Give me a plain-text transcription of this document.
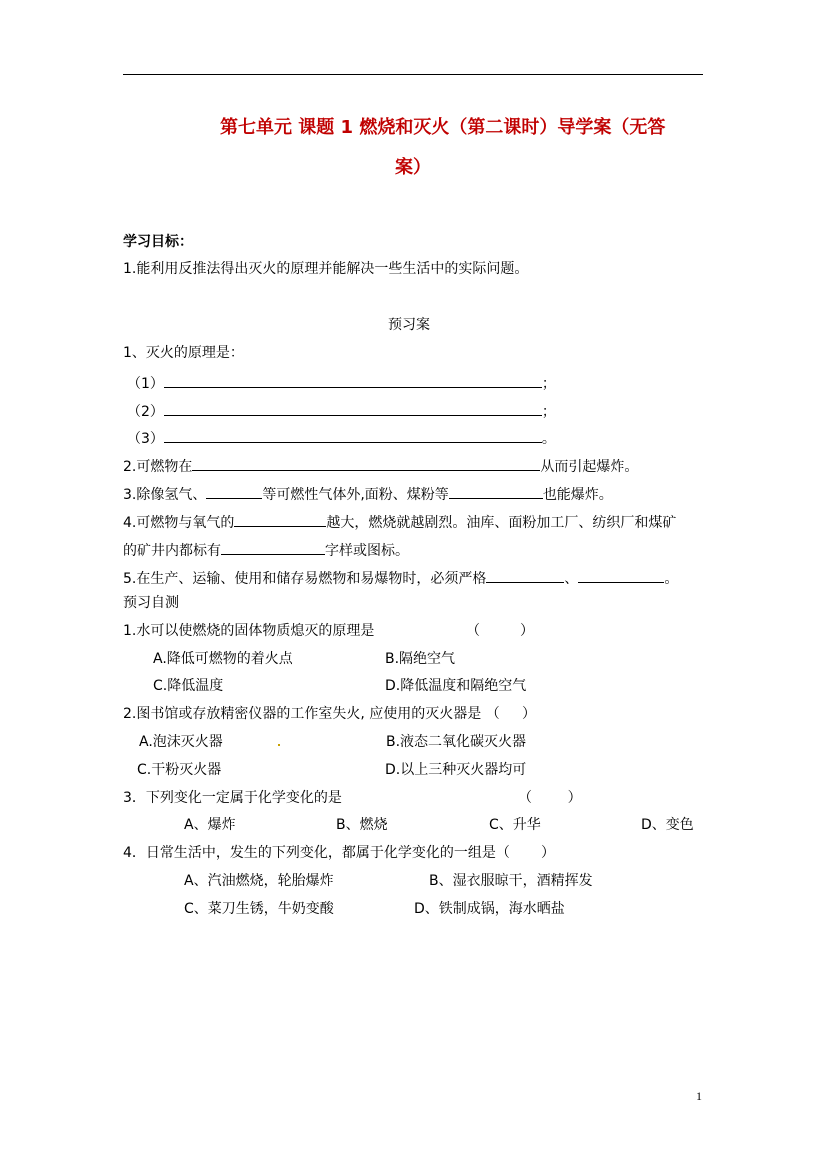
第七单元 课题 1 燃烧和灭火（第二课时）导学案（无答
案）
学习目标：
1.能利用反推法得出灭火的原理并能解决一些生活中的实际问题。
预习案
1、灭火的原理是：
（1）	；
（2）	；
（3）	。
2.可燃物在	从而引起爆炸。
3.除像氢气、	等可燃性气体外,面粉、煤粉等	也能爆炸。
4.可燃物与氧气的	越大，燃烧就越剧烈。油库、面粉加工厂、纺织厂和煤矿
的矿井内都标有	字样或图标。
5.在生产、运输、使用和储存易燃物和易爆物时，必须严格	、	。
预习自测
1.水可以使燃烧的固体物质熄灭的原理是	（         ）
A.降低可燃物的着火点	B.隔绝空气
C.降低温度	D.降低温度和隔绝空气
2.图书馆或存放精密仪器的工作室失火, 应使用的灭火器是 （     ）
A.泡沫灭火器	B.液态二氧化碳灭火器
C.干粉灭火器	D.以上三种灭火器均可
3．下列变化一定属于化学变化的是	（        ）
A、爆炸	B、燃烧	C、升华	D、变色
4．日常生活中，发生的下列变化，都属于化学变化的一组是（       ）
A、汽油燃烧，轮胎爆炸	B、湿衣服晾干，酒精挥发
C、菜刀生锈，牛奶变酸	D、铁制成锅，海水晒盐
1
